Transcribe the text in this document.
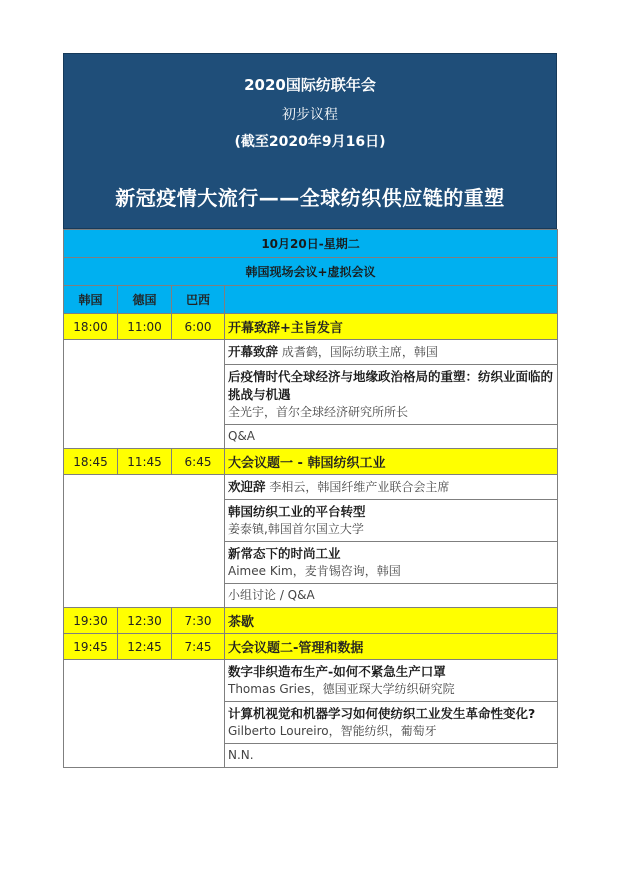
2020国际纺联年会
初步议程
(截至2020年9月16日)
新冠疫情大流行——全球纺织供应链的重塑
10月20日-星期二			
韩国现场会议+虚拟会议			
韩国	德国	巴西	
18:00	11:00	6:00	开幕致辞+主旨发言
			开幕致辞 成耆鹤，国际纺联主席，韩国
			后疫情时代全球经济与地缘政治格局的重塑：纺织业面临的挑战与机遇
全光宇，首尔全球经济研究所所长

			Q&A
18:45	11:45	6:45	大会议题一 - 韩国纺织工业
			欢迎辞 李相云，韩国纤维产业联合会主席
			韩国纺织工业的平台转型
姜泰镇,韩国首尔国立大学

			新常态下的时尚工业
Aimee Kim，麦肯锡咨询，韩国

			小组讨论 / Q&A
19:30	12:30	7:30	茶歇
19:45	12:45	7:45	大会议题二-管理和数据
			数字非织造布生产-如何不紧急生产口罩
Thomas Gries，德国亚琛大学纺织研究院

			计算机视觉和机器学习如何使纺织工业发生革命性变化?
Gilberto Loureiro，智能纺织，葡萄牙

			N.N.
